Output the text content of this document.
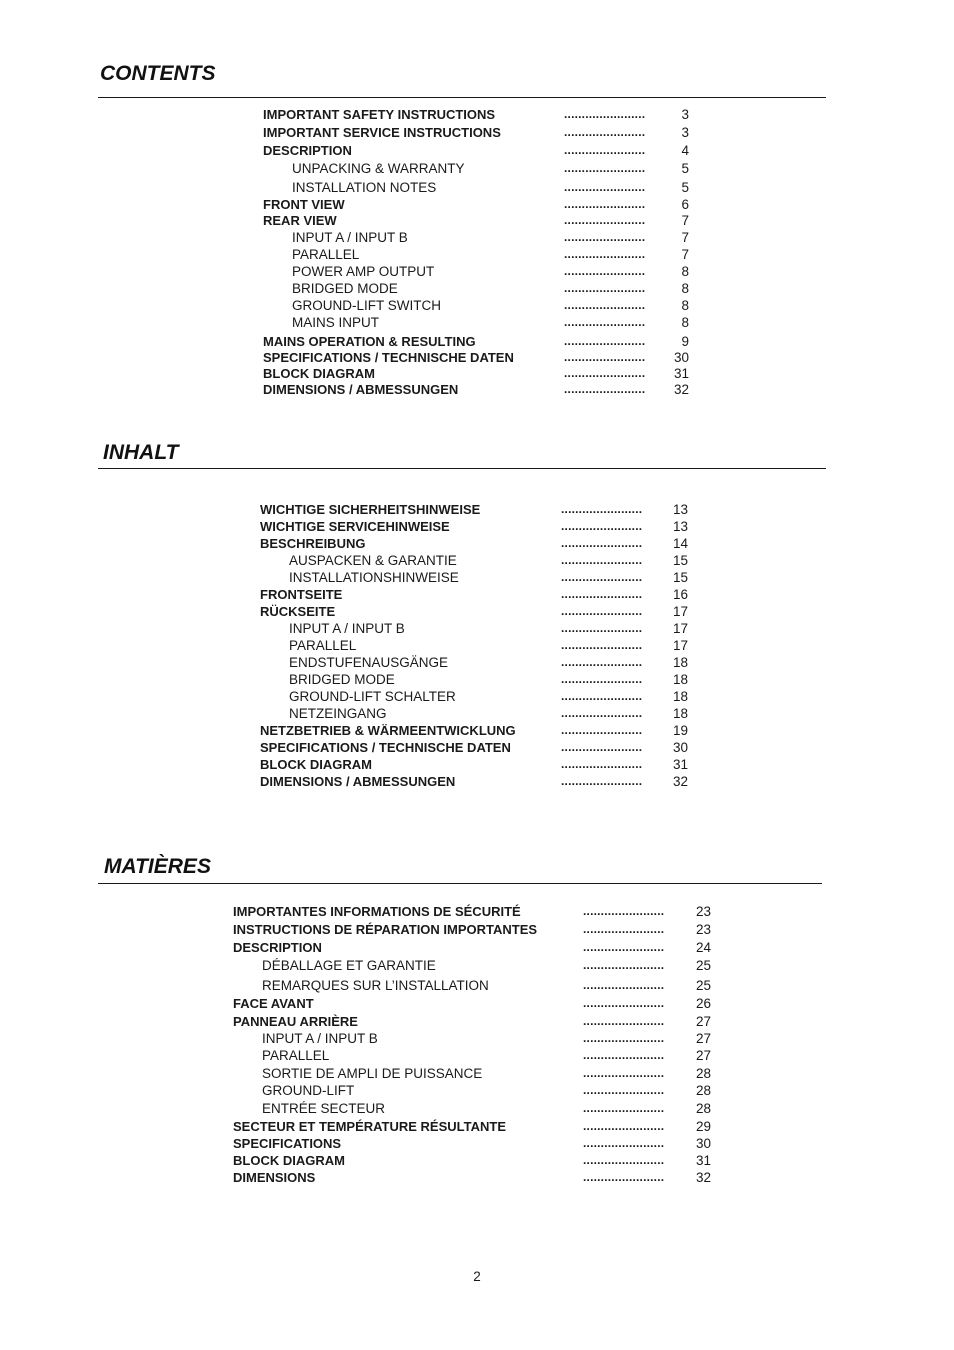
CONTENTS
IMPORTANT SAFETY INSTRUCTIONS	.......................	3
IMPORTANT SERVICE INSTRUCTIONS	.......................	3
DESCRIPTION	.......................	4
UNPACKING & WARRANTY	.......................	5
INSTALLATION NOTES	.......................	5
FRONT VIEW	.......................	6
REAR VIEW	.......................	7
INPUT A / INPUT B	.......................	7
PARALLEL	.......................	7
POWER AMP OUTPUT	.......................	8
BRIDGED MODE	.......................	8
GROUND-LIFT SWITCH	.......................	8
MAINS INPUT	.......................	8
MAINS OPERATION & RESULTING	.......................	9
SPECIFICATIONS / TECHNISCHE DATEN	.......................	30
BLOCK DIAGRAM	.......................	31
DIMENSIONS / ABMESSUNGEN	.......................	32
INHALT
WICHTIGE SICHERHEITSHINWEISE	.......................	13
WICHTIGE SERVICEHINWEISE	.......................	13
BESCHREIBUNG	.......................	14
AUSPACKEN & GARANTIE	.......................	15
INSTALLATIONSHINWEISE	.......................	15
FRONTSEITE	.......................	16
RÜCKSEITE	.......................	17
INPUT A / INPUT B	.......................	17
PARALLEL	.......................	17
ENDSTUFENAUSGÄNGE	.......................	18
BRIDGED MODE	.......................	18
GROUND-LIFT SCHALTER	.......................	18
NETZEINGANG	.......................	18
NETZBETRIEB & WÄRMEENTWICKLUNG	.......................	19
SPECIFICATIONS / TECHNISCHE DATEN	.......................	30
BLOCK DIAGRAM	.......................	31
DIMENSIONS / ABMESSUNGEN	.......................	32
MATIÈRES
IMPORTANTES INFORMATIONS DE SÉCURITÉ	.......................	23
INSTRUCTIONS DE RÉPARATION IMPORTANTES	.......................	23
DESCRIPTION	.......................	24
DÉBALLAGE ET GARANTIE	.......................	25
REMARQUES SUR L’INSTALLATION	.......................	25
FACE AVANT	.......................	26
PANNEAU ARRIÈRE	.......................	27
INPUT A / INPUT B	.......................	27
PARALLEL	.......................	27
SORTIE DE AMPLI DE PUISSANCE	.......................	28
GROUND-LIFT	.......................	28
ENTRÉE SECTEUR	.......................	28
SECTEUR ET TEMPÉRATURE RÉSULTANTE	.......................	29
SPECIFICATIONS	.......................	30
BLOCK DIAGRAM	.......................	31
DIMENSIONS	.......................	32
2
